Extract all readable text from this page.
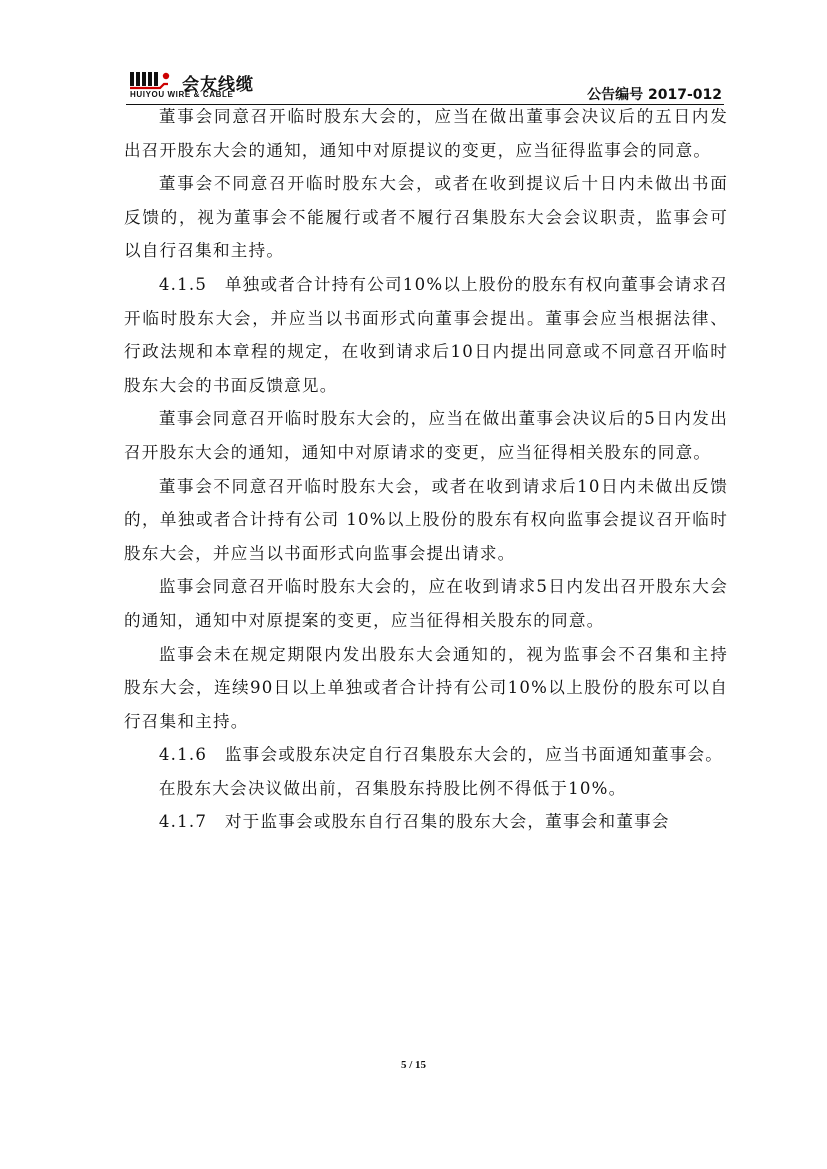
会友线缆
HUIYOU WIRE & CABLE	公告编号 2017-012

董事会同意召开临时股东大会的，应当在做出董事会决议后的五日内发出召开股东大会的通知，通知中对原提议的变更，应当征得监事会的同意。

董事会不同意召开临时股东大会，或者在收到提议后十日内未做出书面反馈的，视为董事会不能履行或者不履行召集股东大会会议职责，监事会可以自行召集和主持。

4.1.5　单独或者合计持有公司10%以上股份的股东有权向董事会请求召开临时股东大会，并应当以书面形式向董事会提出。董事会应当根据法律、行政法规和本章程的规定，在收到请求后10日内提出同意或不同意召开临时股东大会的书面反馈意见。

董事会同意召开临时股东大会的，应当在做出董事会决议后的5日内发出召开股东大会的通知，通知中对原请求的变更，应当征得相关股东的同意。

董事会不同意召开临时股东大会，或者在收到请求后10日内未做出反馈的，单独或者合计持有公司 10%以上股份的股东有权向监事会提议召开临时股东大会，并应当以书面形式向监事会提出请求。

监事会同意召开临时股东大会的，应在收到请求5日内发出召开股东大会的通知，通知中对原提案的变更，应当征得相关股东的同意。

监事会未在规定期限内发出股东大会通知的，视为监事会不召集和主持股东大会，连续90日以上单独或者合计持有公司10%以上股份的股东可以自行召集和主持。

4.1.6　监事会或股东决定自行召集股东大会的，应当书面通知董事会。

在股东大会决议做出前，召集股东持股比例不得低于10%。

4.1.7　对于监事会或股东自行召集的股东大会，董事会和董事会

5 / 15
